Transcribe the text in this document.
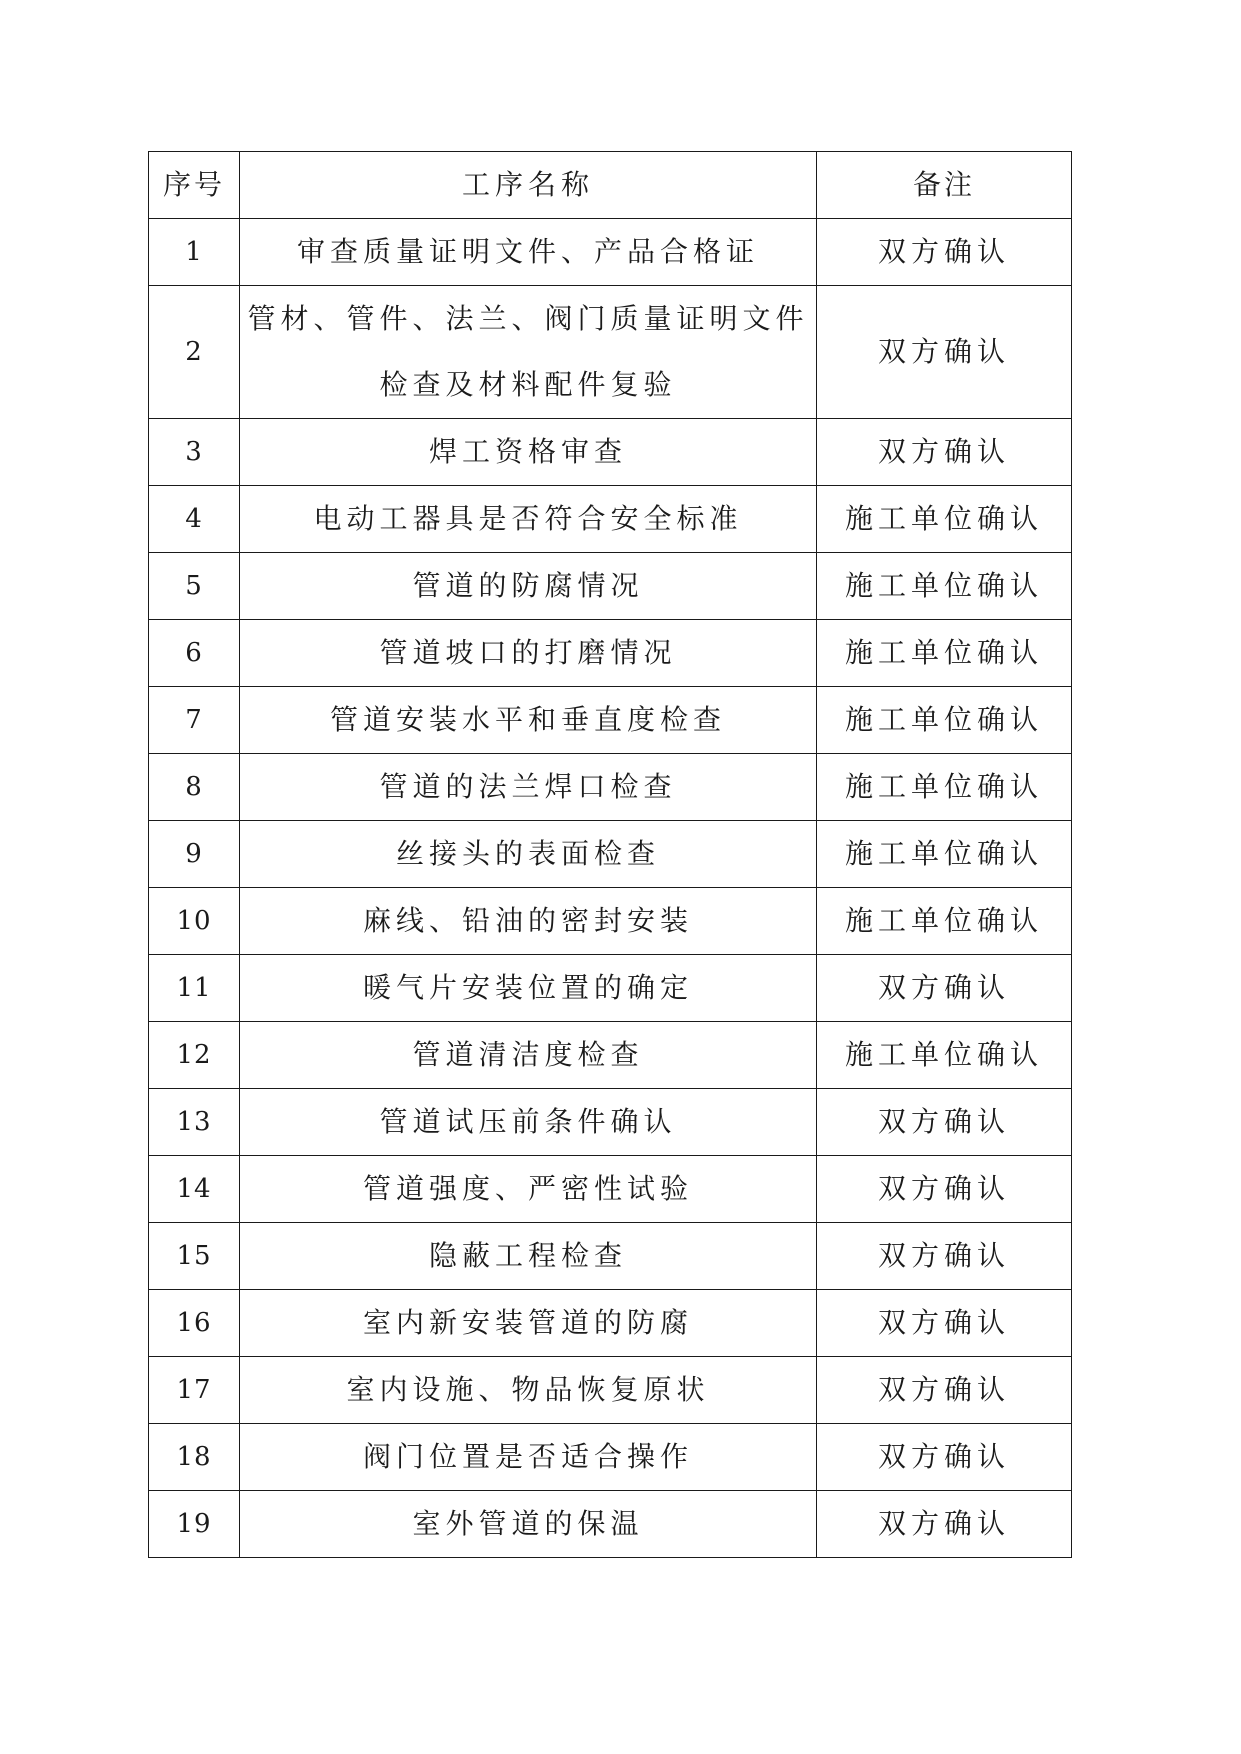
序号	工序名称	备注
1	审查质量证明文件、产品合格证	双方确认
2	管材、管件、法兰、阀门质量证明文件检查及材料配件复验	双方确认
3	焊工资格审查	双方确认
4	电动工器具是否符合安全标准	施工单位确认
5	管道的防腐情况	施工单位确认
6	管道坡口的打磨情况	施工单位确认
7	管道安装水平和垂直度检查	施工单位确认
8	管道的法兰焊口检查	施工单位确认
9	丝接头的表面检查	施工单位确认
10	麻线、铅油的密封安装	施工单位确认
11	暖气片安装位置的确定	双方确认
12	管道清洁度检查	施工单位确认
13	管道试压前条件确认	双方确认
14	管道强度、严密性试验	双方确认
15	隐蔽工程检查	双方确认
16	室内新安装管道的防腐	双方确认
17	室内设施、物品恢复原状	双方确认
18	阀门位置是否适合操作	双方确认
19	室外管道的保温	双方确认
